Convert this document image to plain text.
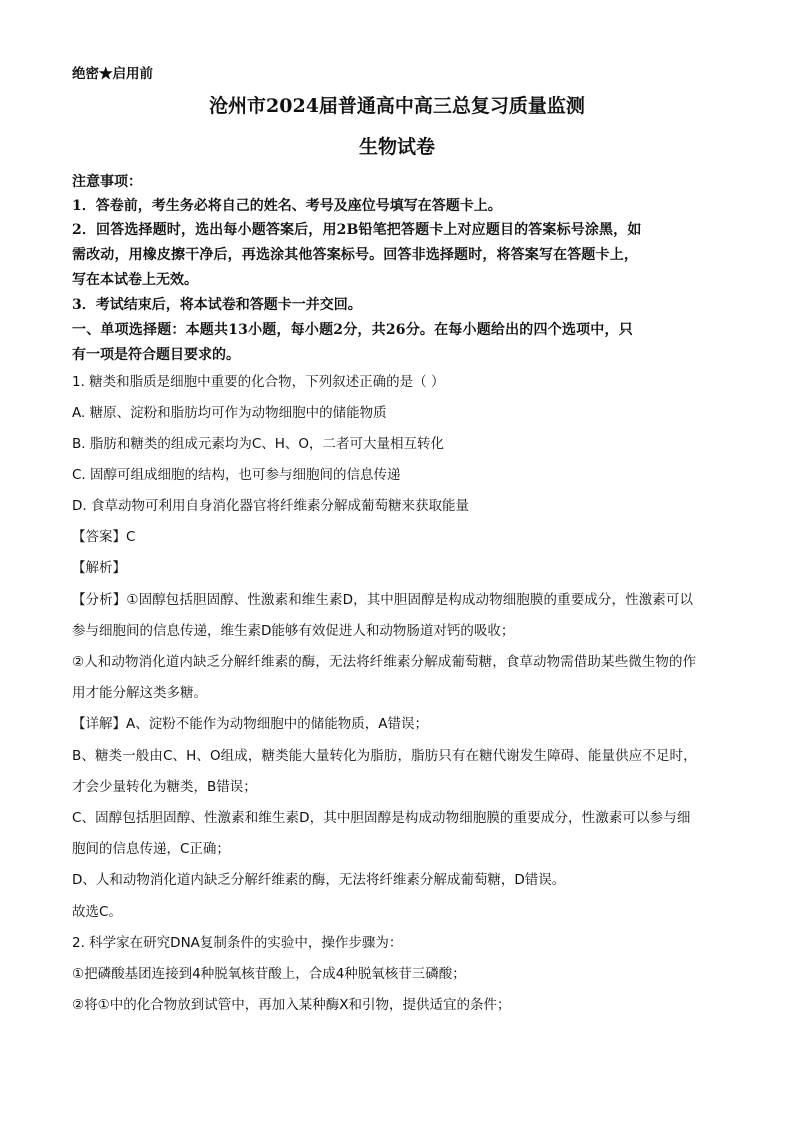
绝密★启用前
沧州市2024届普通高中高三总复习质量监测
生物试卷
注意事项：
1．答卷前，考生务必将自己的姓名、考号及座位号填写在答题卡上。
2．回答选择题时，选出每小题答案后，用2B铅笔把答题卡上对应题目的答案标号涂黑，如
需改动，用橡皮擦干净后，再选涂其他答案标号。回答非选择题时，将答案写在答题卡上，
写在本试卷上无效。
3．考试结束后，将本试卷和答题卡一并交回。
一、单项选择题：本题共13小题，每小题2分，共26分。在每小题给出的四个选项中，只
有一项是符合题目要求的。
1. 糖类和脂质是细胞中重要的化合物，下列叙述正确的是（ ）
A. 糖原、淀粉和脂肪均可作为动物细胞中的储能物质
B. 脂肪和糖类的组成元素均为C、H、O，二者可大量相互转化
C. 固醇可组成细胞的结构，也可参与细胞间的信息传递
D. 食草动物可利用自身消化器官将纤维素分解成葡萄糖来获取能量
【答案】C
【解析】
【分析】①固醇包括胆固醇、性激素和维生素D，其中胆固醇是构成动物细胞膜的重要成分，性激素可以
参与细胞间的信息传递，维生素D能够有效促进人和动物肠道对钙的吸收；
②人和动物消化道内缺乏分解纤维素的酶，无法将纤维素分解成葡萄糖，食草动物需借助某些微生物的作
用才能分解这类多糖。
【详解】A、淀粉不能作为动物细胞中的储能物质，A错误；
B、糖类一般由C、H、O组成，糖类能大量转化为脂肪，脂肪只有在糖代谢发生障碍、能量供应不足时，
才会少量转化为糖类，B错误；
C、固醇包括胆固醇、性激素和维生素D，其中胆固醇是构成动物细胞膜的重要成分，性激素可以参与细
胞间的信息传递，C正确；
D、人和动物消化道内缺乏分解纤维素的酶，无法将纤维素分解成葡萄糖，D错误。
故选C。
2. 科学家在研究DNA复制条件的实验中，操作步骤为：
①把磷酸基团连接到4种脱氧核苷酸上，合成4种脱氧核苷三磷酸；
②将①中的化合物放到试管中，再加入某种酶X和引物，提供适宜的条件；
